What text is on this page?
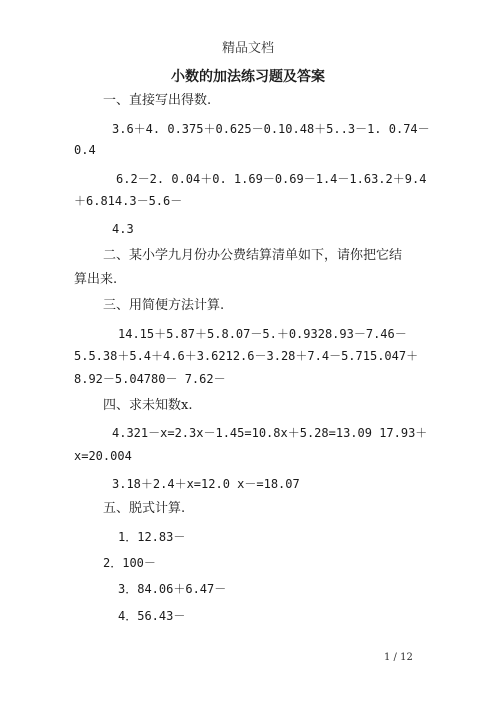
精品文档
小数的加法练习题及答案
一、直接写出得数.
3.6＋4. 0.375＋0.625－0.10.48＋5..3－1. 0.74－
0.4
6.2－2. 0.04＋0. 1.69－0.69－1.4－1.63.2＋9.4
＋6.814.3－5.6－
4.3
二、某小学九月份办公费结算清单如下，请你把它结
算出来.
三、用简便方法计算.
14.15＋5.87＋5.8.07－5.＋0.9328.93－7.46－
5.5.38＋5.4＋4.6＋3.6212.6－3.28＋7.4－5.715.047＋
8.92－5.04780－ 7.62－
四、求未知数x.
4.321－x=2.3x－1.45=10.8x＋5.28=13.09 17.93＋
x=20.004
3.18＋2.4＋x=12.0 x－=18.07
五、脱式计算.
1．12.83－
2．100－
3．84.06＋6.47－
4．56.43－
1 / 12
